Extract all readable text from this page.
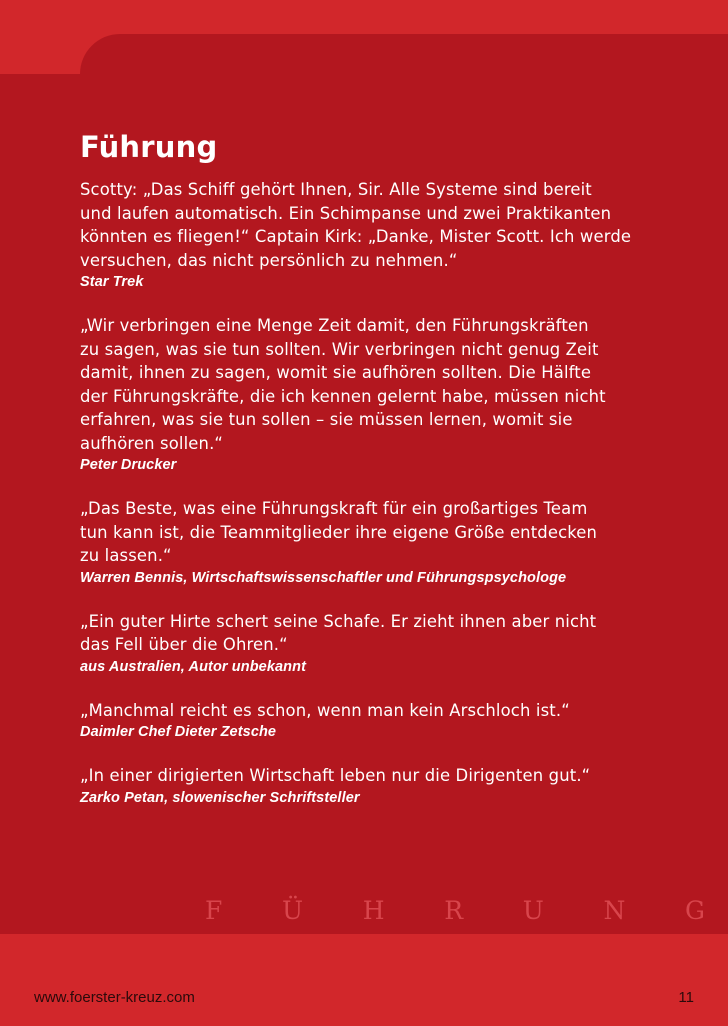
Führung

Scotty: „Das Schiff gehört Ihnen, Sir. Alle Systeme sind bereit
und laufen automatisch. Ein Schimpanse und zwei Praktikanten
könnten es fliegen!“ Captain Kirk: „Danke, Mister Scott. Ich werde
versuchen, das nicht persönlich zu nehmen.“

Star Trek

„Wir verbringen eine Menge Zeit damit, den Führungskräften
zu sagen, was sie tun sollten. Wir verbringen nicht genug Zeit
damit, ihnen zu sagen, womit sie aufhören sollten. Die Hälfte
der Führungskräfte, die ich kennen gelernt habe, müssen nicht
erfahren, was sie tun sollen – sie müssen lernen, womit sie
aufhören sollen.“

Peter Drucker

„Das Beste, was eine Führungskraft für ein großartiges Team
tun kann ist, die Teammitglieder ihre eigene Größe entdecken
zu lassen.“

Warren Bennis, Wirtschaftswissenschaftler und Führungspsychologe

„Ein guter Hirte schert seine Schafe. Er zieht ihnen aber nicht
das Fell über die Ohren.“

aus Australien, Autor unbekannt

„Manchmal reicht es schon, wenn man kein Arschloch ist.“

Daimler Chef Dieter Zetsche

„In einer dirigierten Wirtschaft leben nur die Dirigenten gut.“

Zarko Petan, slowenischer Schriftsteller

F Ü H R U N G
www.foerster-kreuz.com	11
